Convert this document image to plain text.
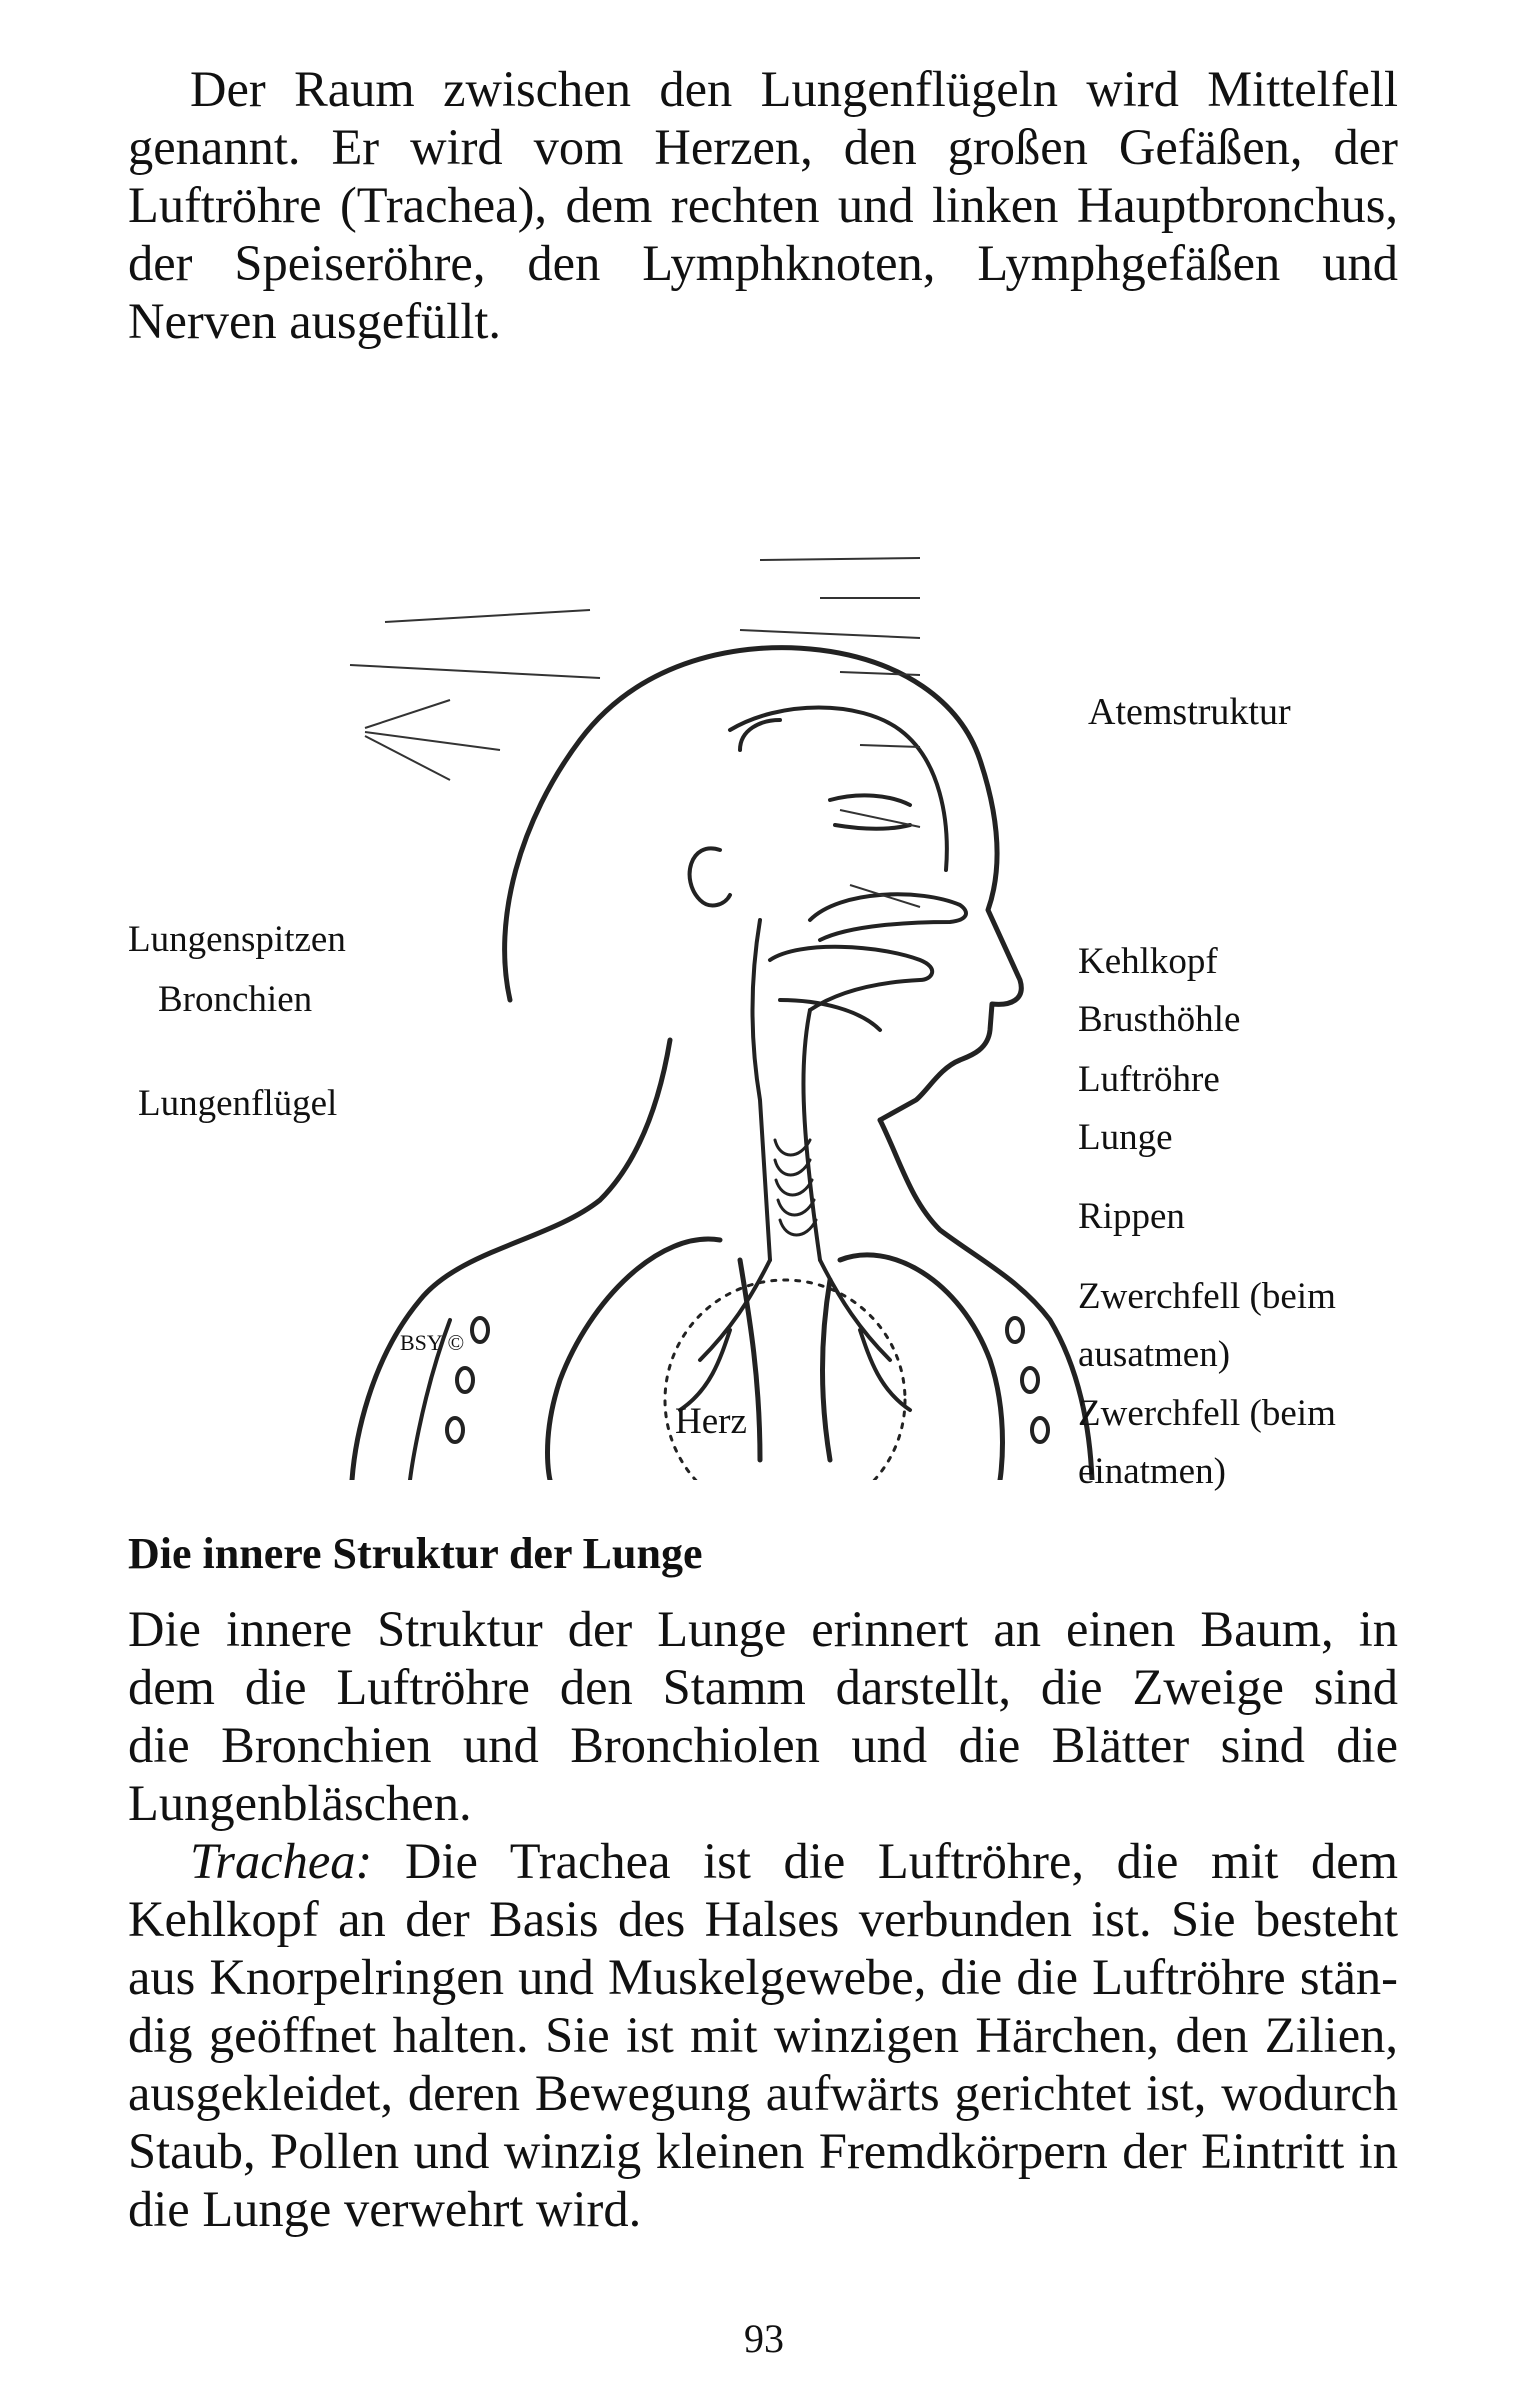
Der Raum zwischen den Lungenflügeln wird Mittelfell
genannt. Er wird vom Herzen, den großen Gefäßen, der
Luftröhre (Trachea), dem rechten und linken Hauptbronchus,
der Speiseröhre, den Lymphknoten, Lymphgefäßen und
Nerven ausgefüllt.
Atemstruktur
Lungenspitzen
Bronchien
Lungenflügel
Kehlkopf
Brusthöhle
Luftröhre
Lunge
Rippen
Zwerchfell (beim
ausatmen)
Zwerchfell (beim
einatmen)
Herz
BSY ©
Die innere Struktur der Lunge
Die innere Struktur der Lunge erinnert an einen Baum, in
dem die Luftröhre den Stamm darstellt, die Zweige sind
die Bronchien und Bronchiolen und die Blätter sind die
Lungenbläschen.
Trachea: Die Trachea ist die Luftröhre, die mit dem
Kehlkopf an der Basis des Halses verbunden ist. Sie besteht
aus Knorpelringen und Muskelgewebe, die die Luftröhre stän-
dig geöffnet halten. Sie ist mit winzigen Härchen, den Zilien,
ausgekleidet, deren Bewegung aufwärts gerichtet ist, wodurch
Staub, Pollen und winzig kleinen Fremdkörpern der Eintritt in
die Lunge verwehrt wird.
93
